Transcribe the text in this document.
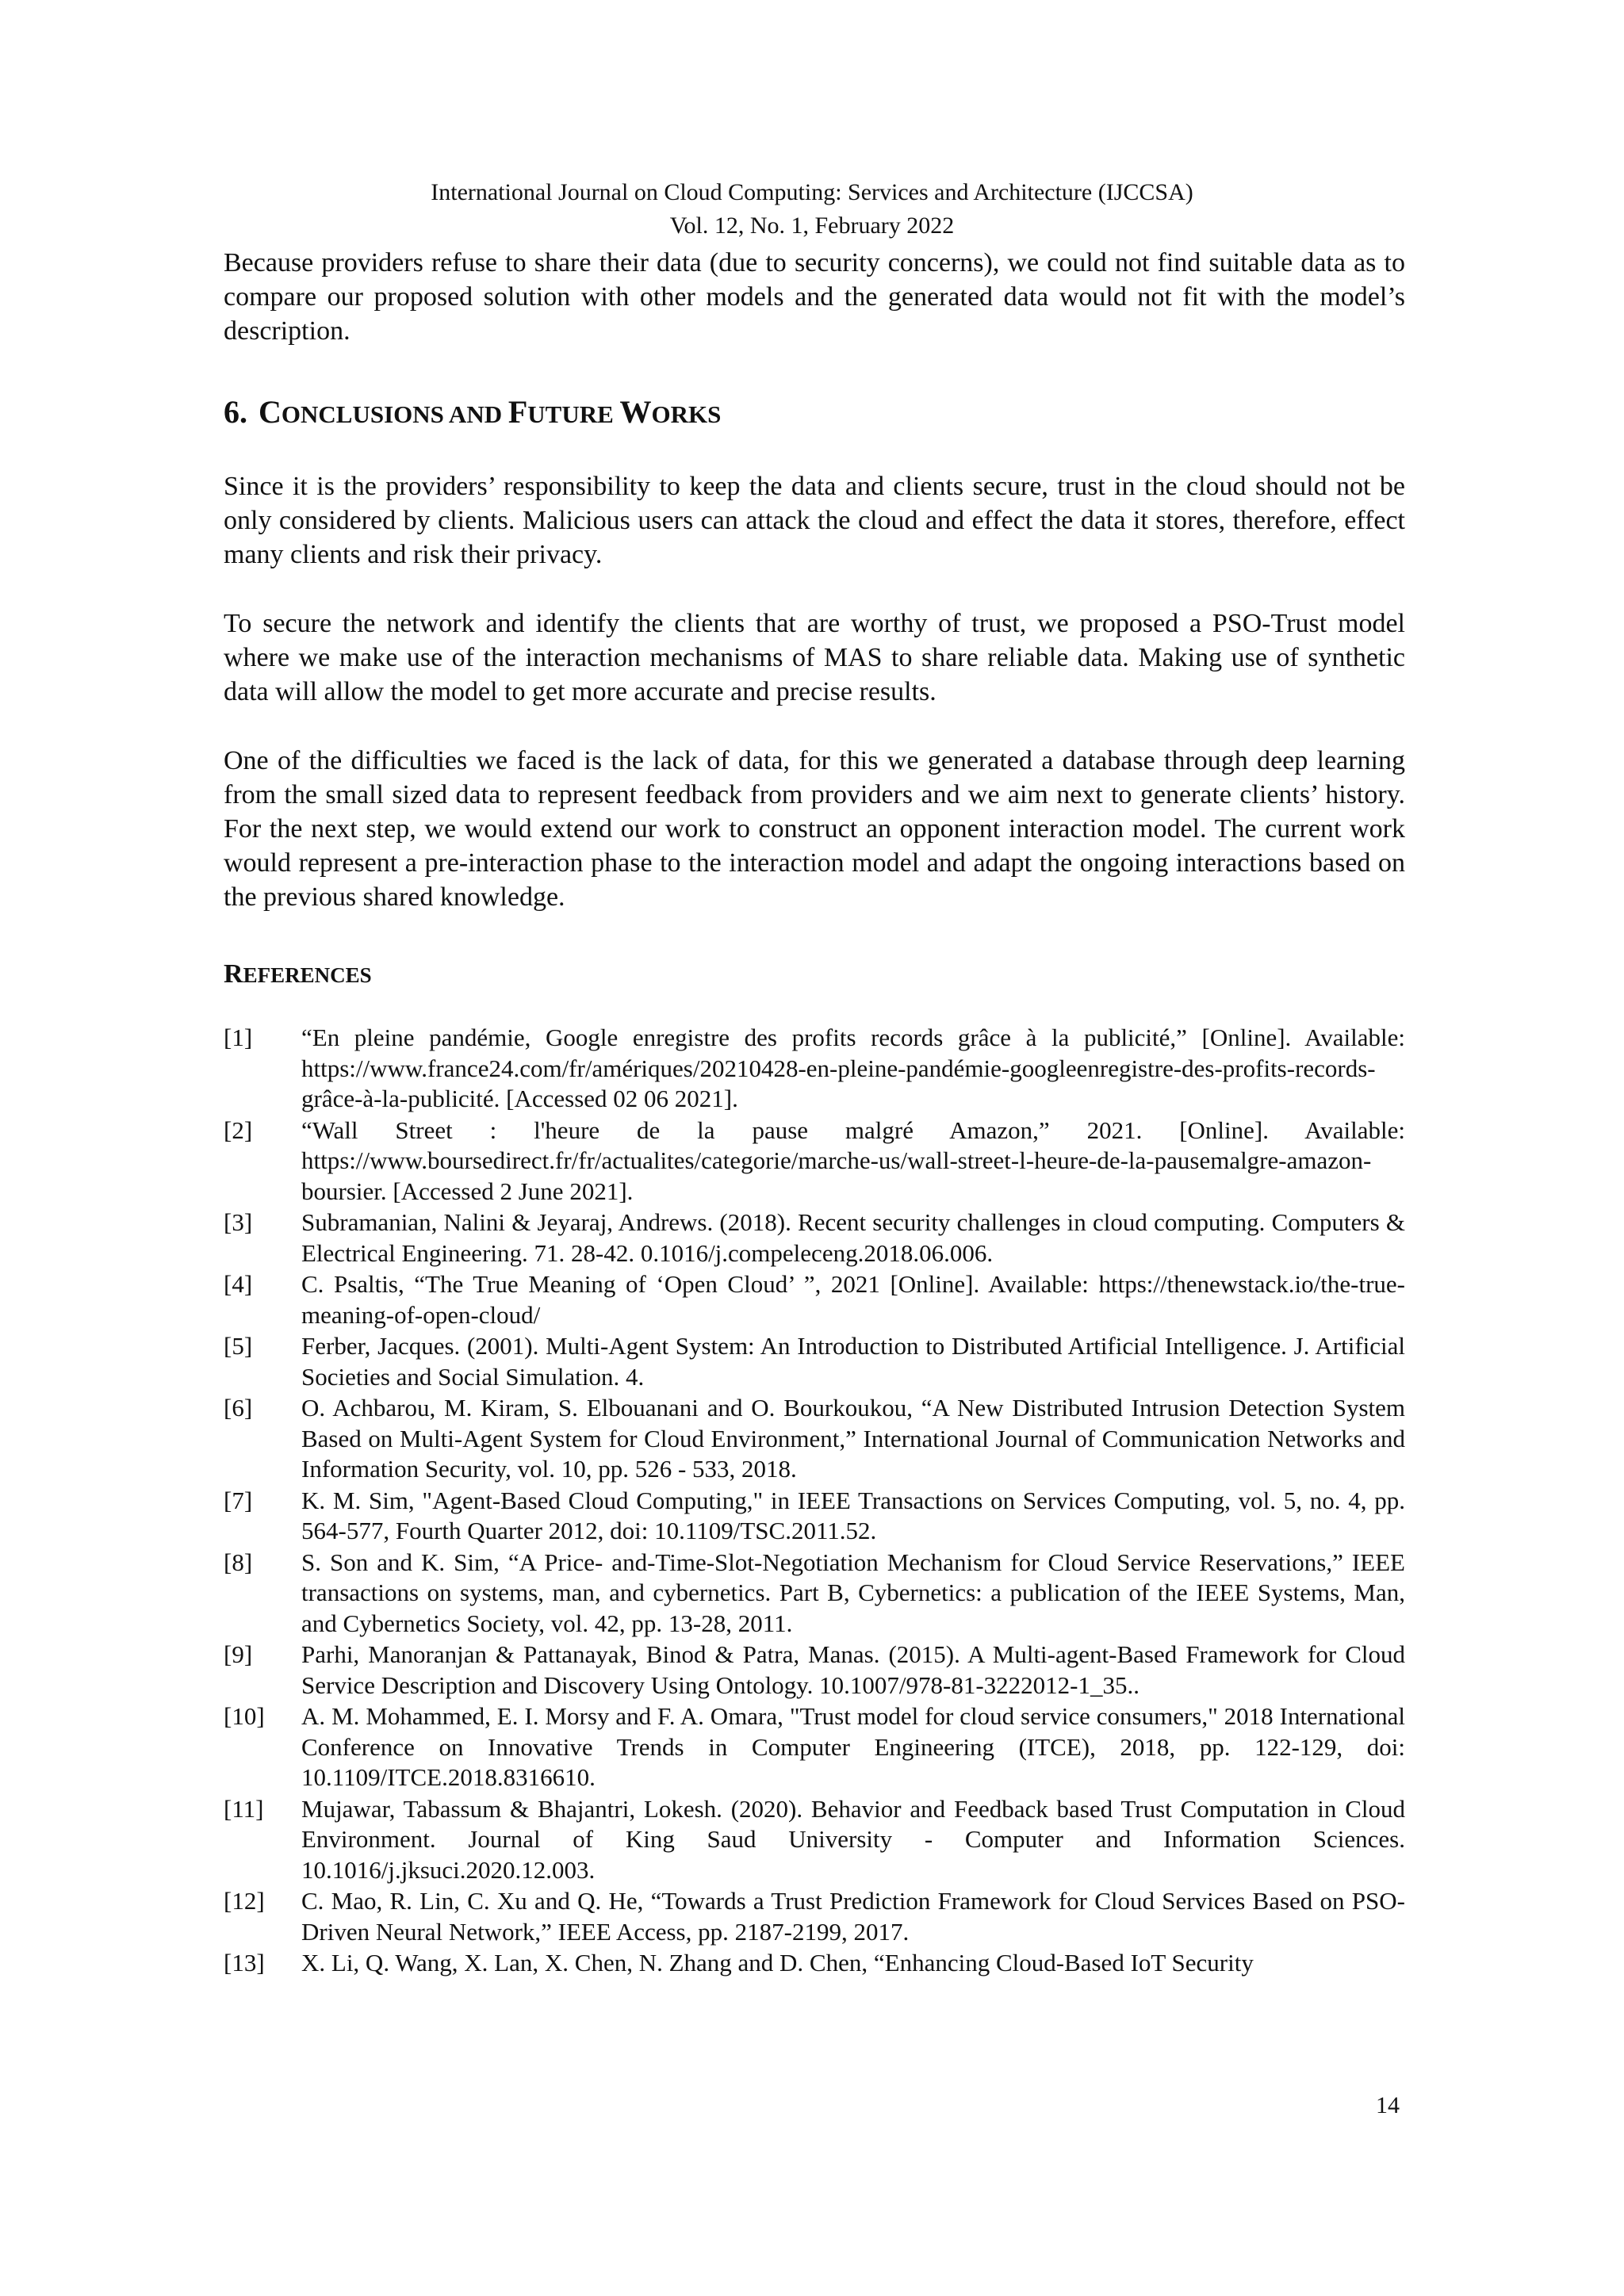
International Journal on Cloud Computing: Services and Architecture (IJCCSA)
Vol. 12, No. 1, February 2022

Because providers refuse to share their data (due to security concerns), we could not find suitable data as to compare our proposed solution with other models and the generated data would not fit with the model’s description.

6. CONCLUSIONS AND FUTURE WORKS

Since it is the providers’ responsibility to keep the data and clients secure, trust in the cloud should not be only considered by clients. Malicious users can attack the cloud and effect the data it stores, therefore, effect many clients and risk their privacy.

To secure the network and identify the clients that are worthy of trust, we proposed a PSO-Trust model where we make use of the interaction mechanisms of MAS to share reliable data. Making use of synthetic data will allow the model to get more accurate and precise results.

One of the difficulties we faced is the lack of data, for this we generated a database through deep learning from the small sized data to represent feedback from providers and we aim next to generate clients’ history. For the next step, we would extend our work to construct an opponent interaction model. The current work would represent a pre-interaction phase to the interaction model and adapt the ongoing interactions based on the previous shared knowledge.

REFERENCES
[1]	“En pleine pandémie, Google enregistre des profits records grâce à la publicité,” [Online]. Available: https://www.france24.com/fr/amériques/20210428-en-pleine-pandémie-googleenregistre-des-profits-records-grâce-à-la-publicité. [Accessed 02 06 2021].
[2]	“Wall Street : l'heure de la pause malgré Amazon,” 2021. [Online]. Available: https://www.boursedirect.fr/fr/actualites/categorie/marche-us/wall-street-l-heure-de-la-pausemalgre-amazon-boursier. [Accessed 2 June 2021].
[3]	Subramanian, Nalini & Jeyaraj, Andrews. (2018). Recent security challenges in cloud computing. Computers & Electrical Engineering. 71. 28-42. 0.1016/j.compeleceng.2018.06.006.
[4]	C. Psaltis, “The True Meaning of ‘Open Cloud’ ”, 2021 [Online]. Available: https://thenewstack.io/the-true-meaning-of-open-cloud/
[5]	Ferber, Jacques. (2001). Multi-Agent System: An Introduction to Distributed Artificial Intelligence. J. Artificial Societies and Social Simulation. 4.
[6]	O. Achbarou, M. Kiram, S. Elbouanani and O. Bourkoukou, “A New Distributed Intrusion Detection System Based on Multi-Agent System for Cloud Environment,” International Journal of Communication Networks and Information Security, vol. 10, pp. 526 - 533, 2018.
[7]	K. M. Sim, "Agent-Based Cloud Computing," in IEEE Transactions on Services Computing, vol. 5, no. 4, pp. 564-577, Fourth Quarter 2012, doi: 10.1109/TSC.2011.52.
[8]	S. Son and K. Sim, “A Price- and-Time-Slot-Negotiation Mechanism for Cloud Service Reservations,” IEEE transactions on systems, man, and cybernetics. Part B, Cybernetics: a publication of the IEEE Systems, Man, and Cybernetics Society, vol. 42, pp. 13-28, 2011.
[9]	Parhi, Manoranjan & Pattanayak, Binod & Patra, Manas. (2015). A Multi-agent-Based Framework for Cloud Service Description and Discovery Using Ontology. 10.1007/978-81-3222012-1_35..
[10]	A. M. Mohammed, E. I. Morsy and F. A. Omara, "Trust model for cloud service consumers," 2018 International Conference on Innovative Trends in Computer Engineering (ITCE), 2018, pp. 122-129, doi: 10.1109/ITCE.2018.8316610.
[11]	Mujawar, Tabassum & Bhajantri, Lokesh. (2020). Behavior and Feedback based Trust Computation in Cloud Environment. Journal of King Saud University - Computer and Information Sciences. 10.1016/j.jksuci.2020.12.003.
[12]	C. Mao, R. Lin, C. Xu and Q. He, “Towards a Trust Prediction Framework for Cloud Services Based on PSO-Driven Neural Network,” IEEE Access, pp. 2187-2199, 2017.
[13]	X. Li, Q. Wang, X. Lan, X. Chen, N. Zhang and D. Chen, “Enhancing Cloud-Based IoT Security
14
